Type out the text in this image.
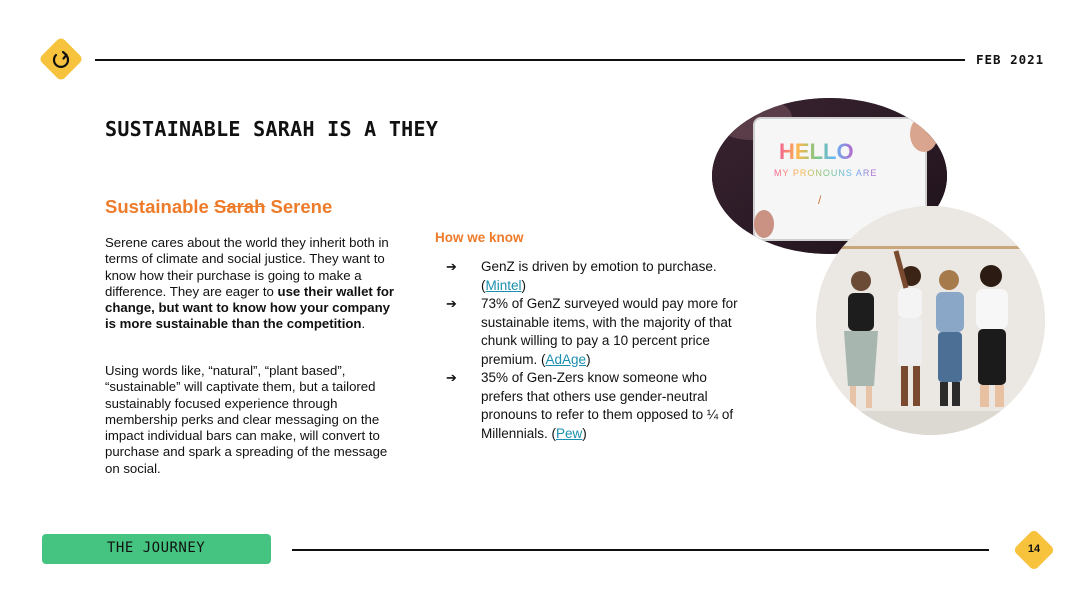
FEB 2021
SUSTAINABLE SARAH IS A THEY
Sustainable Sarah Serene
Serene cares about the world they inherit both in terms of climate and social justice. They want to know how their purchase is going to make a difference. They are eager to use their wallet for change, but want to know how your company is more sustainable than the competition.
Using words like, “natural”, “plant based”, “sustainable” will captivate them, but a tailored sustainably focused experience through membership perks and clear messaging on the impact individual bars can make, will convert to purchase and spark a spreading of the message on social.
How we know
➔ GenZ is driven by emotion to purchase. (Mintel)
➔ 73% of GenZ surveyed would pay more for sustainable items, with the majority of that chunk willing to pay a 10 percent price premium. (AdAge)
➔ 35% of Gen-Zers know someone who prefers that others use gender-neutral pronouns to refer to them opposed to ¼ of Millennials. (Pew)
HELLO
MY PRONOUNS ARE
/
THE JOURNEY	14
